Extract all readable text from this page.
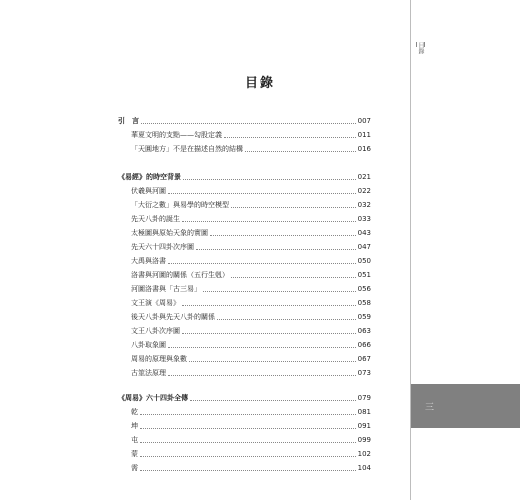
目錄
三
目錄
引　言	007
華夏文明的支點——勾股定義	011
「天圓地方」不是在描述自然的結構	016
《易經》的時空背景	021
伏羲與河圖	022
「大衍之數」與易學的時空模型	032
先天八卦的誕生	033
太極圖與原始天象的實圖	043
先天六十四卦次序圖	047
大禹與洛書	050
洛書與河圖的關係（五行生剋）	051
河圖洛書與「古三易」	056
文王演《周易》	058
後天八卦與先天八卦的關係	059
文王八卦次序圖	063
八卦取象圖	066
周易的原理與象數	067
古筮法原理	073
《周易》六十四卦全傳	079
乾	081
坤	091
屯	099
蒙	102
需	104
